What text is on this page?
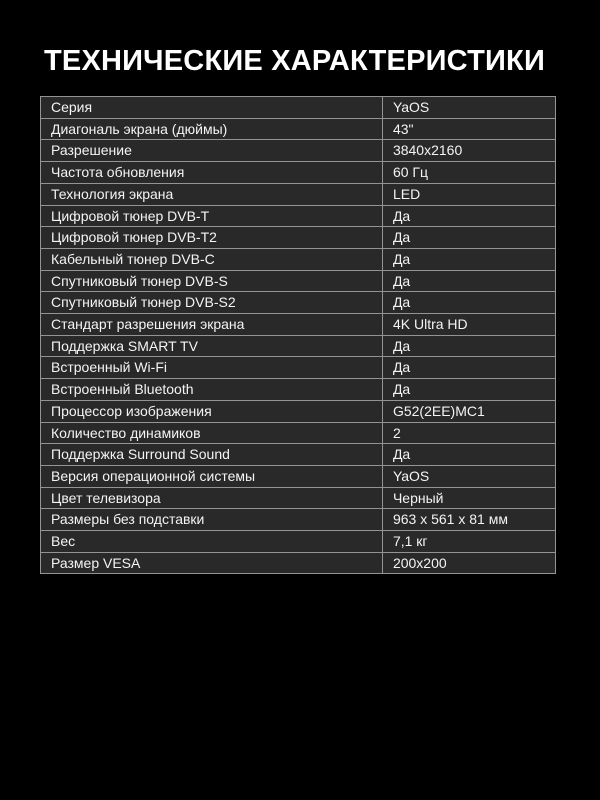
ТЕХНИЧЕСКИЕ ХАРАКТЕРИСТИКИ
Серия	YaOS
Диагональ экрана (дюймы)	43"
Разрешение	3840x2160
Частота обновления	60 Гц
Технология экрана	LED
Цифровой тюнер DVB-T	Да
Цифровой тюнер DVB-T2	Да
Кабельный тюнер DVB-C	Да
Спутниковый тюнер DVB-S	Да
Спутниковый тюнер DVB-S2	Да
Стандарт разрешения экрана	4K Ultra HD
Поддержка SMART TV	Да
Встроенный Wi-Fi	Да
Встроенный Bluetooth	Да
Процессор изображения	G52(2EE)MC1
Количество динамиков	2
Поддержка Surround Sound	Да
Версия операционной системы	YaOS
Цвет телевизора	Черный
Размеры без подставки	963 x 561 x 81 мм
Вес	7,1 кг
Размер VESA	200x200
